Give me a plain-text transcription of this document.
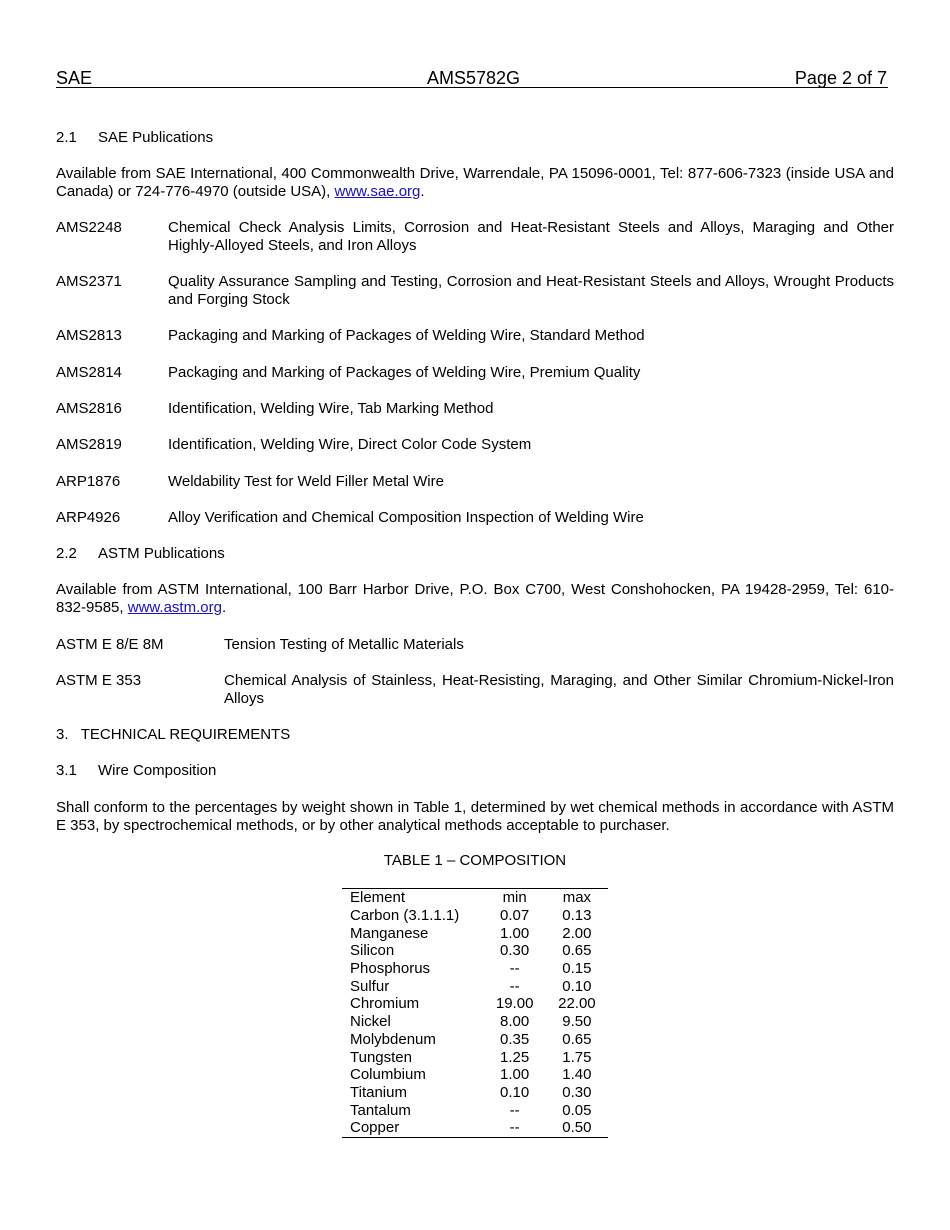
SAE	AMS5782G	Page 2 of 7
2.1 SAE Publications
Available from SAE International, 400 Commonwealth Drive, Warrendale, PA 15096-0001, Tel: 877-606-7323 (inside USA and Canada) or 724-776-4970 (outside USA), www.sae.org.
AMS2248	Chemical Check Analysis Limits, Corrosion and Heat-Resistant Steels and Alloys, Maraging and Other Highly-Alloyed Steels, and Iron Alloys
AMS2371	Quality Assurance Sampling and Testing, Corrosion and Heat-Resistant Steels and Alloys, Wrought Products and Forging Stock
AMS2813	Packaging and Marking of Packages of Welding Wire, Standard Method
AMS2814	Packaging and Marking of Packages of Welding Wire, Premium Quality
AMS2816	Identification, Welding Wire, Tab Marking Method
AMS2819	Identification, Welding Wire, Direct Color Code System
ARP1876	Weldability Test for Weld Filler Metal Wire
ARP4926	Alloy Verification and Chemical Composition Inspection of Welding Wire
2.2 ASTM Publications
Available from ASTM International, 100 Barr Harbor Drive, P.O. Box C700, West Conshohocken, PA 19428-2959, Tel: 610-832-9585, www.astm.org.
ASTM E 8/E 8M	Tension Testing of Metallic Materials
ASTM E 353	Chemical Analysis of Stainless, Heat-Resisting, Maraging, and Other Similar Chromium-Nickel-Iron Alloys
3.   TECHNICAL REQUIREMENTS
3.1 Wire Composition
Shall conform to the percentages by weight shown in Table 1, determined by wet chemical methods in accordance with ASTM E 353, by spectrochemical methods, or by other analytical methods acceptable to purchaser.
TABLE 1 – COMPOSITION
Element	min	max
Carbon (3.1.1.1)	0.07	0.13
Manganese	1.00	2.00
Silicon	0.30	0.65
Phosphorus	--	0.15
Sulfur	--	0.10
Chromium	19.00	22.00
Nickel	8.00	9.50
Molybdenum	0.35	0.65
Tungsten	1.25	1.75
Columbium	1.00	1.40
Titanium	0.10	0.30
Tantalum	--	0.05
Copper	--	0.50
